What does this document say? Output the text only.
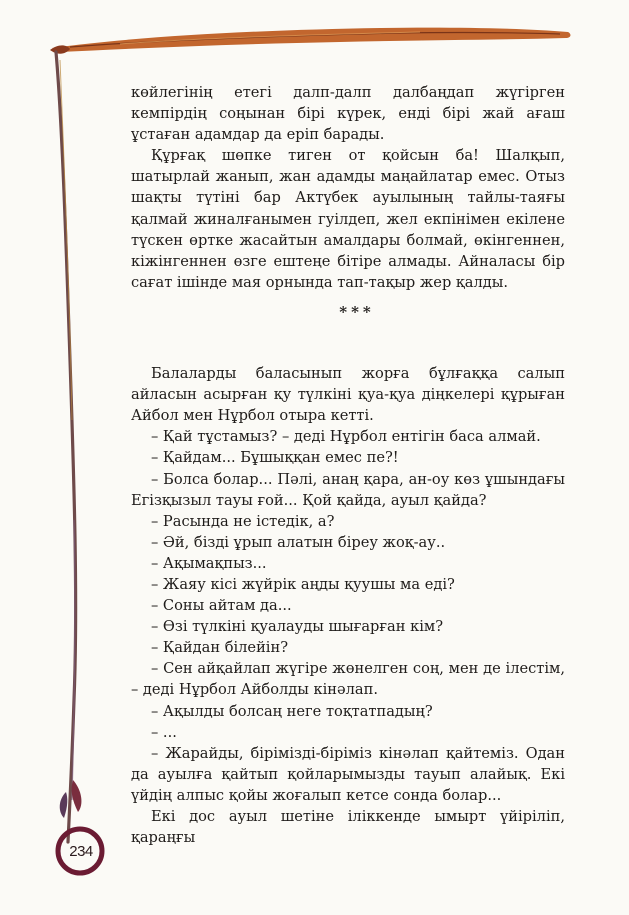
көйлегінің етегі далп-далп далбаңдап жүгірген кемпірдің соңынан бірі күрек, енді бірі жай ағаш ұстаған адамдар да еріп барады.

Құрғақ шөпке тиген от қойсын ба! Шалқып, шатырлай жанып, жан адамды маңайлатар емес. Отыз шақты түтіні бар Актүбек ауылының тайлы-таяғы қалмай жиналғанымен гуілдеп, жел екпінімен екілене түскен өртке жасайтын амалдары болмай, өкінгеннен, кіжінгеннен өзге ештеңе бітіре алмады. Айналасы бір сағат ішінде мая орнында тап-тақыр жер қалды.

***

Балаларды баласынып жорға бұлғаққа салып айласын асырған қу түлкіні қуа-қуа діңкелері құрыған Айбол мен Нұрбол отыра кетті.

– Қай тұстамыз? – деді Нұрбол ентігін баса алмай.

– Қайдам... Бұшыққан емес пе?!

– Болса болар... Пәлі, анаң қара, ан-оу көз ұшындағы Егізқызыл тауы ғой... Қой қайда, ауыл қайда?

– Расында не істедік, а?

– Әй, бізді ұрып алатын біреу жоқ-ау..

– Ақымақпыз...

– Жаяу кісі жүйрік аңды қуушы ма еді?

– Соны айтам да...

– Өзі түлкіні қуалауды шығарған кім?

– Қайдан білейін?

– Сен айқайлап жүгіре жөнелген соң, мен де ілестім, – деді Нұрбол Айболды кінәлап.

– Ақылды болсаң неге тоқтатпадың?

– ...

– Жарайды, бірімізді-біріміз кінәлап қайтеміз. Одан да ауылға қайтып қойларымызды тауып алайық. Екі үйдің алпыс қойы жоғалып кетсе сонда болар...

Екі дос ауыл шетіне іліккенде ымырт үйіріліп, қараңғы

234
